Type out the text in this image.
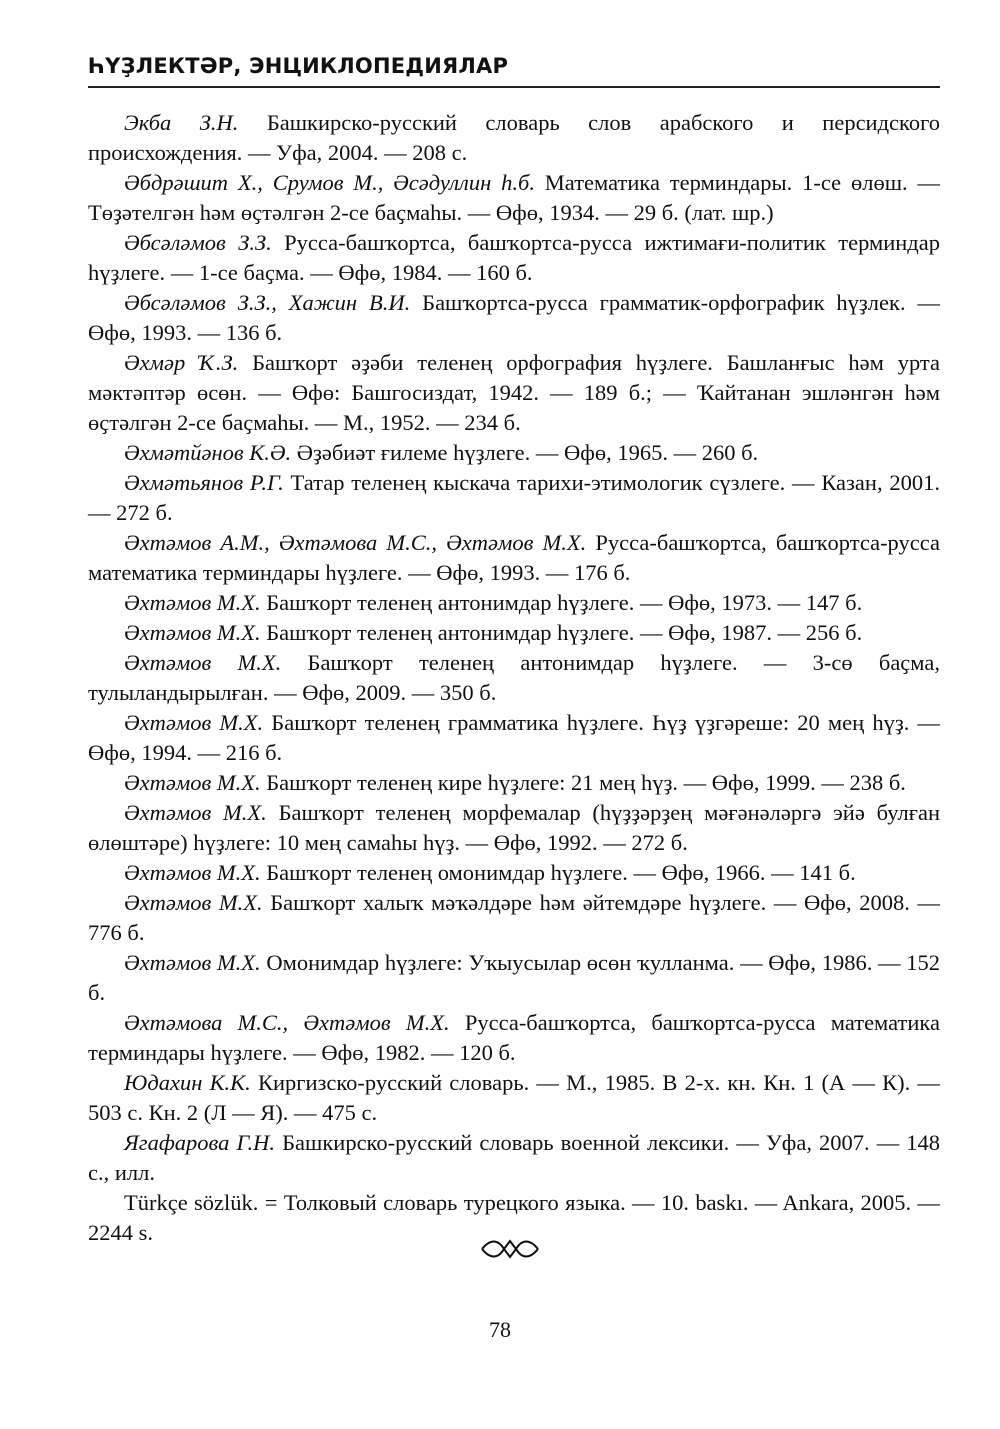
ҺҮҘЛЕКТӘР, ЭНЦИКЛОПЕДИЯЛАР

Экба З.Н. Башкирско-русский словарь слов арабского и персидского происхождения. — Уфа, 2004. — 208 с.

Әбдрәшит Х., Срумов М., Әсәдуллин һ.б. Математика терминдары. 1-се өлөш. — Төҙәтелгән һәм өҫтәлгән 2-се баҫмаһы. — Өфө, 1934. — 29 б. (лат. шр.)

Әбсәләмов З.З. Русса-башҡортса, башҡортса-русса ижтимағи-политик терминдар һүҙлеге. — 1-се баҫма. — Өфө, 1984. — 160 б.

Әбсәләмов З.З., Хажин В.И. Башҡортса-русса грамматик-орфографик һүҙлек. — Өфө, 1993. — 136 б.

Әхмәр Ҡ.З. Башҡорт әҙәби теленең орфография һүҙлеге. Башланғыс һәм урта мәктәптәр өсөн. — Өфө: Башгосиздат, 1942. — 189 б.; — Ҡайтанан эшләнгән һәм өҫтәлгән 2-се баҫмаһы. — М., 1952. — 234 б.

Әхмәтйәнов К.Ә. Әҙәбиәт ғилеме һүҙлеге. — Өфө, 1965. — 260 б.

Әхмәтьянов Р.Г. Татар теленең кыскача тарихи-этимологик сүзлеге. — Казан, 2001. — 272 б.

Әхтәмов А.М., Әхтәмова М.С., Әхтәмов М.Х. Русса-башҡортса, башҡортса-русса математика терминдары һүҙлеге. — Өфө, 1993. — 176 б.

Әхтәмов М.Х. Башҡорт теленең антонимдар һүҙлеге. — Өфө, 1973. — 147 б.

Әхтәмов М.Х. Башҡорт теленең антонимдар һүҙлеге. — Өфө, 1987. — 256 б.

Әхтәмов М.Х. Башҡорт теленең антонимдар һүҙлеге. — 3-сө баҫма, тулыландырылған. — Өфө, 2009. — 350 б.

Әхтәмов М.Х. Башҡорт теленең грамматика һүҙлеге. Һүҙ үҙгәреше: 20 мең һүҙ. — Өфө, 1994. — 216 б.

Әхтәмов М.Х. Башҡорт теленең кире һүҙлеге: 21 мең һүҙ. — Өфө, 1999. — 238 б.

Әхтәмов М.Х. Башҡорт теленең морфемалар (һүҙҙәрҙең мәғәнәләргә эйә булған өлөштәре) һүҙлеге: 10 мең самаһы һүҙ. — Өфө, 1992. — 272 б.

Әхтәмов М.Х. Башҡорт теленең омонимдар һүҙлеге. — Өфө, 1966. — 141 б.

Әхтәмов М.Х. Башҡорт халыҡ мәҡәлдәре һәм әйтемдәре һүҙлеге. — Өфө, 2008. — 776 б.

Әхтәмов М.Х. Омонимдар һүҙлеге: Уҡыусылар өсөн ҡулланма. — Өфө, 1986. — 152 б.

Әхтәмова М.С., Әхтәмов М.Х. Русса-башҡортса, башҡортса-русса математика терминдары һүҙлеге. — Өфө, 1982. — 120 б.

Юдахин К.К. Киргизско-русский словарь. — М., 1985. В 2-х. кн. Кн. 1 (А — К). — 503 с. Кн. 2 (Л — Я). — 475 с.

Ягафарова Г.Н. Башкирско-русский словарь военной лексики. — Уфа, 2007. — 148 с., илл.

Türkçe sözlük. = Толковый словарь турецкого языка. — 10. baskı. — Ankara, 2005. — 2244 s.

78
